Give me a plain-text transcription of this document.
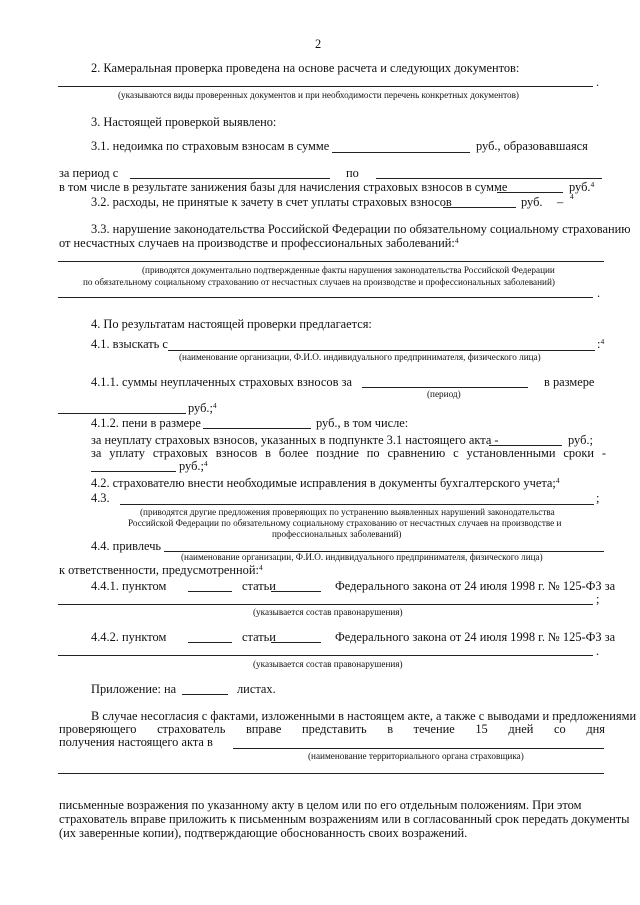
2
2. Камеральная проверка проведена на основе расчета и следующих документов:
.
(указываются виды проверенных документов и при необходимости перечень конкретных документов)
3. Настоящей проверкой выявлено:
3.1. недоимка по страховым взносам в сумме	руб., образовавшаяся
за период с	по
в том числе в результате занижения базы для начисления страховых взносов в сумме	руб.$^4$
3.2. расходы, не принятые к зачету в счет уплаты страховых взносов	руб. – 4
3.3. нарушение законодательства Российской Федерации по обязательному социальному страхованию
от несчастных случаев на производстве и профессиональных заболеваний:$^4$
(приводятся документально подтвержденные факты нарушения законодательства Российской Федерации
по обязательному социальному страхованию от несчастных случаев на производстве и профессиональных заболеваний)
.
4. По результатам настоящей проверки предлагается:
4.1. взыскать с	:$^4$
(наименование организации, Ф.И.О. индивидуального предпринимателя, физического лица)
4.1.1. суммы неуплаченных страховых взносов за	в размере
(период)
руб.;$^4$
4.1.2. пени в размере	руб., в том числе:
за неуплату страховых взносов, указанных в подпункте 3.1 настоящего акта -	руб.;
за уплату страховых взносов в более поздние по сравнению с установленными сроки -
руб.;$^4$
4.2. страхователю внести необходимые исправления в документы бухгалтерского учета;$^4$
4.3.	;
(приводятся другие предложения проверяющих по устранению выявленных нарушений законодательства
Российской Федерации по обязательному социальному страхованию от несчастных случаев на производстве и
профессиональных заболеваний)
4.4. привлечь
(наименование организации, Ф.И.О. индивидуального предпринимателя, физического лица)
к ответственности, предусмотренной:$^4$
4.4.1. пунктом	статьи	Федерального закона от 24 июля 1998 г. № 125-ФЗ за
;
(указывается состав правонарушения)
4.4.2. пунктом	статьи	Федерального закона от 24 июля 1998 г. № 125-ФЗ за
.
(указывается состав правонарушения)
Приложение: на	листах.
В случае несогласия с фактами, изложенными в настоящем акте, а также с выводами и предложениями
проверяющего страхователь вправе представить в течение 15 дней со дня
получения настоящего акта в
(наименование территориального органа страховщика)
письменные возражения по указанному акту в целом или по его отдельным положениям. При этом
страхователь вправе приложить к письменным возражениям или в согласованный срок передать документы
(их заверенные копии), подтверждающие обоснованность своих возражений.
